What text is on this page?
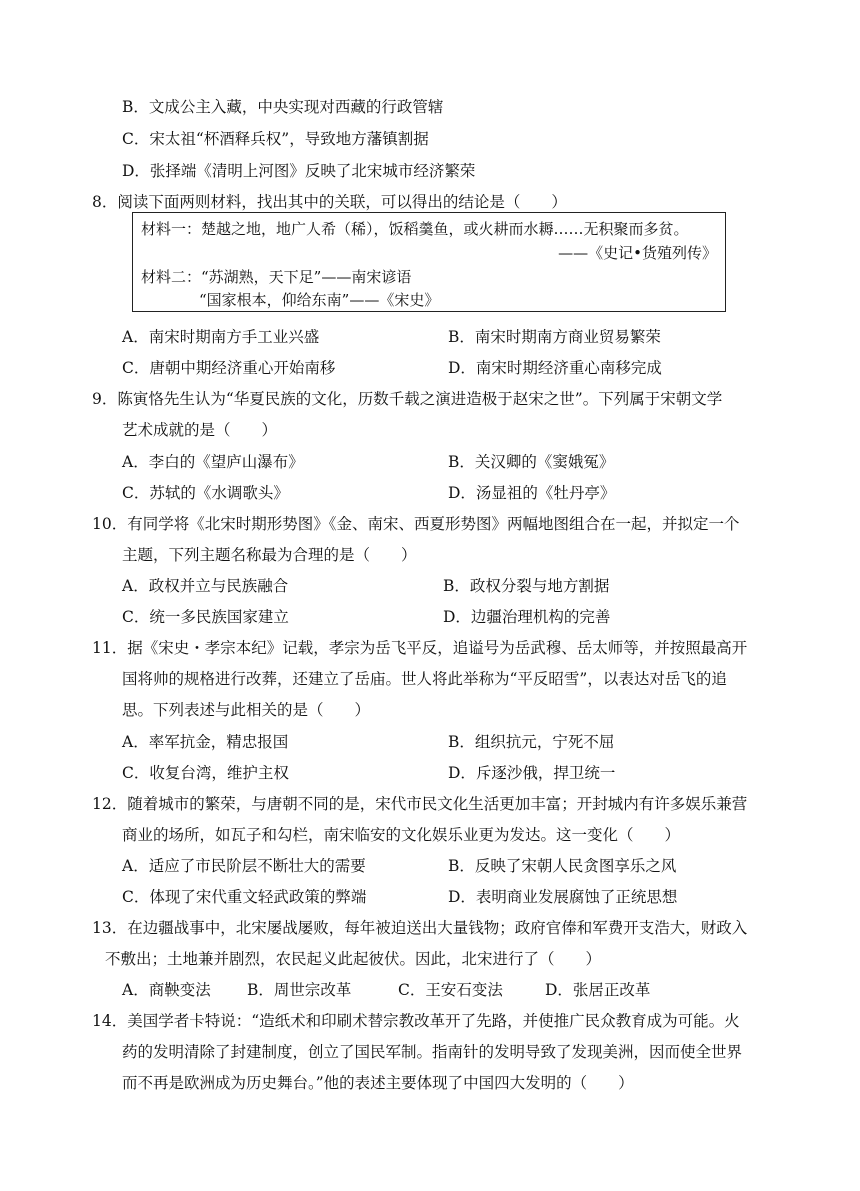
B．文成公主入藏，中央实现对西藏的行政管辖
C．宋太祖“杯酒释兵权”，导致地方藩镇割据
D．张择端《清明上河图》反映了北宋城市经济繁荣
8．阅读下面两则材料，找出其中的关联，可以得出的结论是（　　）
材料一：楚越之地，地广人希（稀），饭稻羹鱼，或火耕而水耨……无积聚而多贫。
——《史记•货殖列传》
材料二：“苏湖熟，天下足”——南宋谚语
“国家根本，仰给东南”——《宋史》
A．南宋时期南方手工业兴盛	B．南宋时期南方商业贸易繁荣
C．唐朝中期经济重心开始南移	D．南宋时期经济重心南移完成
9．陈寅恪先生认为“华夏民族的文化，历数千载之演进造极于赵宋之世”。下列属于宋朝文学
艺术成就的是（　　）
A．李白的《望庐山瀑布》	B．关汉卿的《窦娥冤》
C．苏轼的《水调歌头》	D．汤显祖的《牡丹亭》
10．有同学将《北宋时期形势图》《金、南宋、西夏形势图》两幅地图组合在一起，并拟定一个
主题，下列主题名称最为合理的是（　　）
A．政权并立与民族融合	B．政权分裂与地方割据
C．统一多民族国家建立	D．边疆治理机构的完善
11．据《宋史・孝宗本纪》记载，孝宗为岳飞平反，追谥号为岳武穆、岳太师等，并按照最高开
国将帅的规格进行改葬，还建立了岳庙。世人将此举称为“平反昭雪”，以表达对岳飞的追
思。下列表述与此相关的是（　　）
A．率军抗金，精忠报国	B．组织抗元，宁死不屈
C．收复台湾，维护主权	D．斥逐沙俄，捍卫统一
12．随着城市的繁荣，与唐朝不同的是，宋代市民文化生活更加丰富；开封城内有许多娱乐兼营
商业的场所，如瓦子和勾栏，南宋临安的文化娱乐业更为发达。这一变化（　　）
A．适应了市民阶层不断壮大的需要	B．反映了宋朝人民贪图享乐之风
C．体现了宋代重文轻武政策的弊端	D．表明商业发展腐蚀了正统思想
13．在边疆战事中，北宋屡战屡败，每年被迫送出大量钱物；政府官俸和军费开支浩大，财政入
不敷出；土地兼并剧烈，农民起义此起彼伏。因此，北宋进行了（　　）
A．商鞅变法 B．周世宗改革	C．王安石变法	D．张居正改革
14．美国学者卡特说：“造纸术和印刷术替宗教改革开了先路，并使推广民众教育成为可能。火
药的发明清除了封建制度，创立了国民军制。指南针的发明导致了发现美洲，因而使全世界
而不再是欧洲成为历史舞台。”他的表述主要体现了中国四大发明的（　　）
